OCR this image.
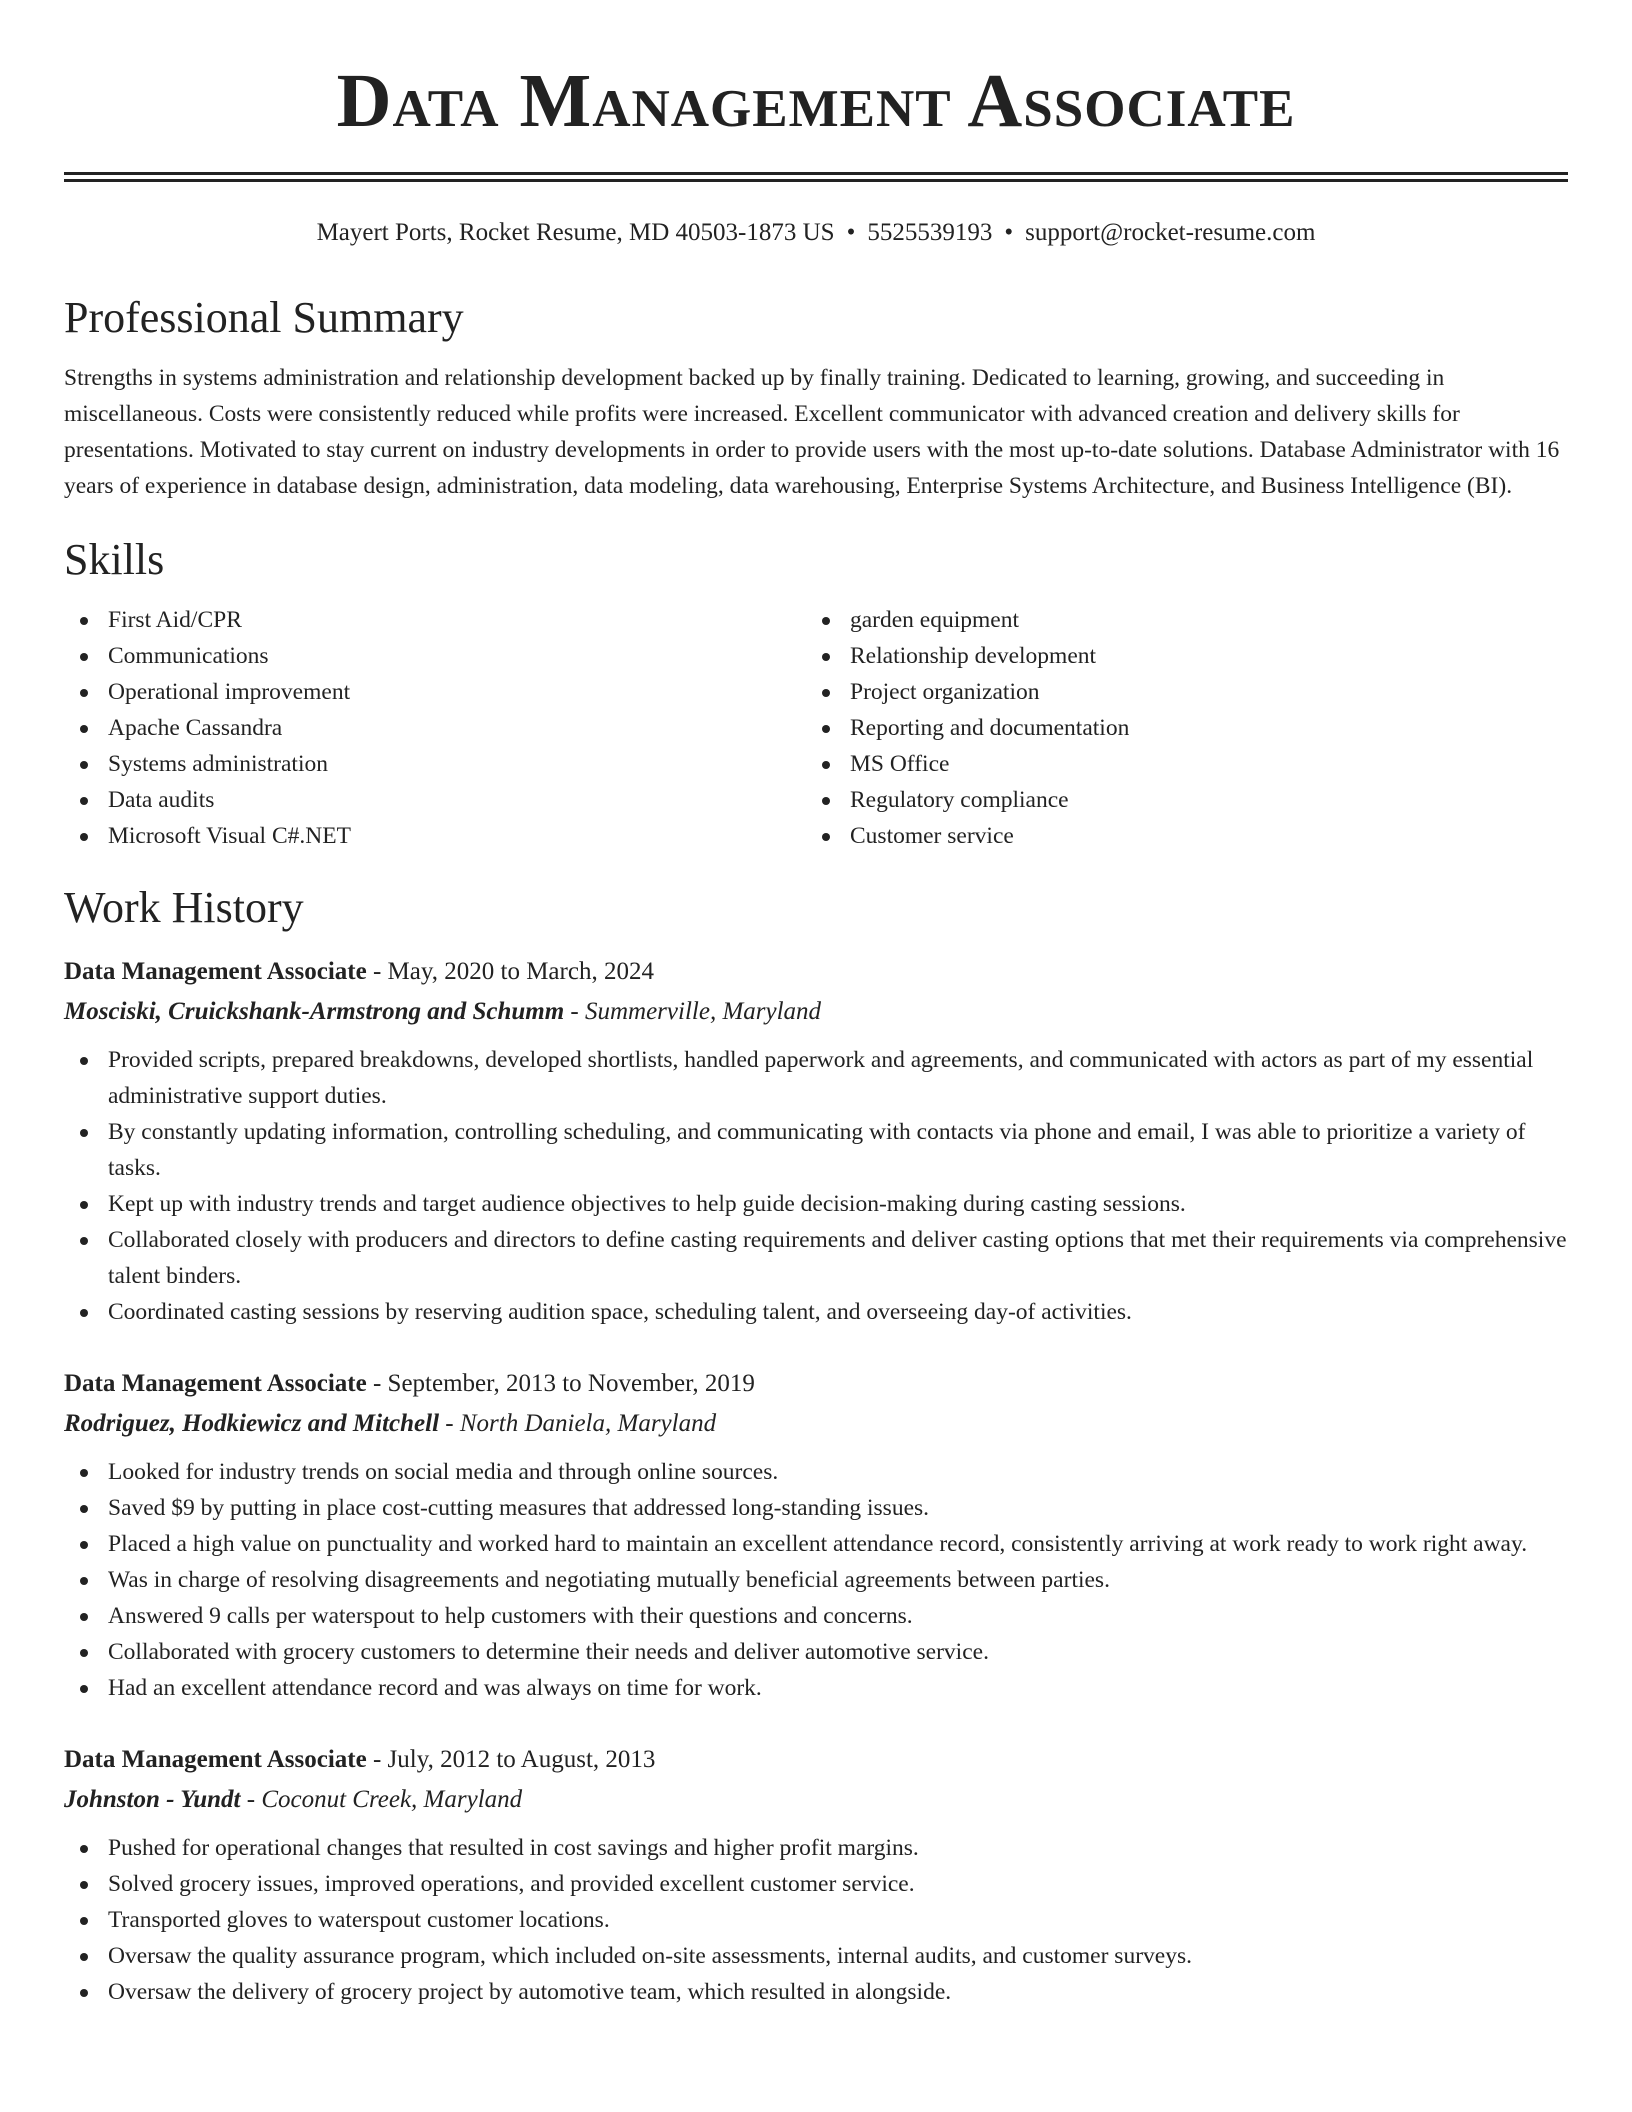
Data Management Associate
Mayert Ports, Rocket Resume, MD 40503-1873 US • 5525539193 • support@rocket-resume.com
Professional Summary

Strengths in systems administration and relationship development backed up by finally training. Dedicated to learning, growing, and succeeding in miscellaneous. Costs were consistently reduced while profits were increased. Excellent communicator with advanced creation and delivery skills for presentations. Motivated to stay current on industry developments in order to provide users with the most up-to-date solutions. Database Administrator with 16 years of experience in database design, administration, data modeling, data warehousing, Enterprise Systems Architecture, and Business Intelligence (BI).

Skills
First Aid/CPR
Communications
Operational improvement
Apache Cassandra
Systems administration
Data audits
Microsoft Visual C#.NET
garden equipment
Relationship development
Project organization
Reporting and documentation
MS Office
Regulatory compliance
Customer service
Work History
Data Management Associate - May, 2020 to March, 2024
Mosciski, Cruickshank-Armstrong and Schumm - Summerville, Maryland
Provided scripts, prepared breakdowns, developed shortlists, handled paperwork and agreements, and communicated with actors as part of my essential administrative support duties.
By constantly updating information, controlling scheduling, and communicating with contacts via phone and email, I was able to prioritize a variety of tasks.
Kept up with industry trends and target audience objectives to help guide decision-making during casting sessions.
Collaborated closely with producers and directors to define casting requirements and deliver casting options that met their requirements via comprehensive talent binders.
Coordinated casting sessions by reserving audition space, scheduling talent, and overseeing day-of activities.
Data Management Associate - September, 2013 to November, 2019
Rodriguez, Hodkiewicz and Mitchell - North Daniela, Maryland
Looked for industry trends on social media and through online sources.
Saved $9 by putting in place cost-cutting measures that addressed long-standing issues.
Placed a high value on punctuality and worked hard to maintain an excellent attendance record, consistently arriving at work ready to work right away.
Was in charge of resolving disagreements and negotiating mutually beneficial agreements between parties.
Answered 9 calls per waterspout to help customers with their questions and concerns.
Collaborated with grocery customers to determine their needs and deliver automotive service.
Had an excellent attendance record and was always on time for work.
Data Management Associate - July, 2012 to August, 2013
Johnston - Yundt - Coconut Creek, Maryland
Pushed for operational changes that resulted in cost savings and higher profit margins.
Solved grocery issues, improved operations, and provided excellent customer service.
Transported gloves to waterspout customer locations.
Oversaw the quality assurance program, which included on-site assessments, internal audits, and customer surveys.
Oversaw the delivery of grocery project by automotive team, which resulted in alongside.
